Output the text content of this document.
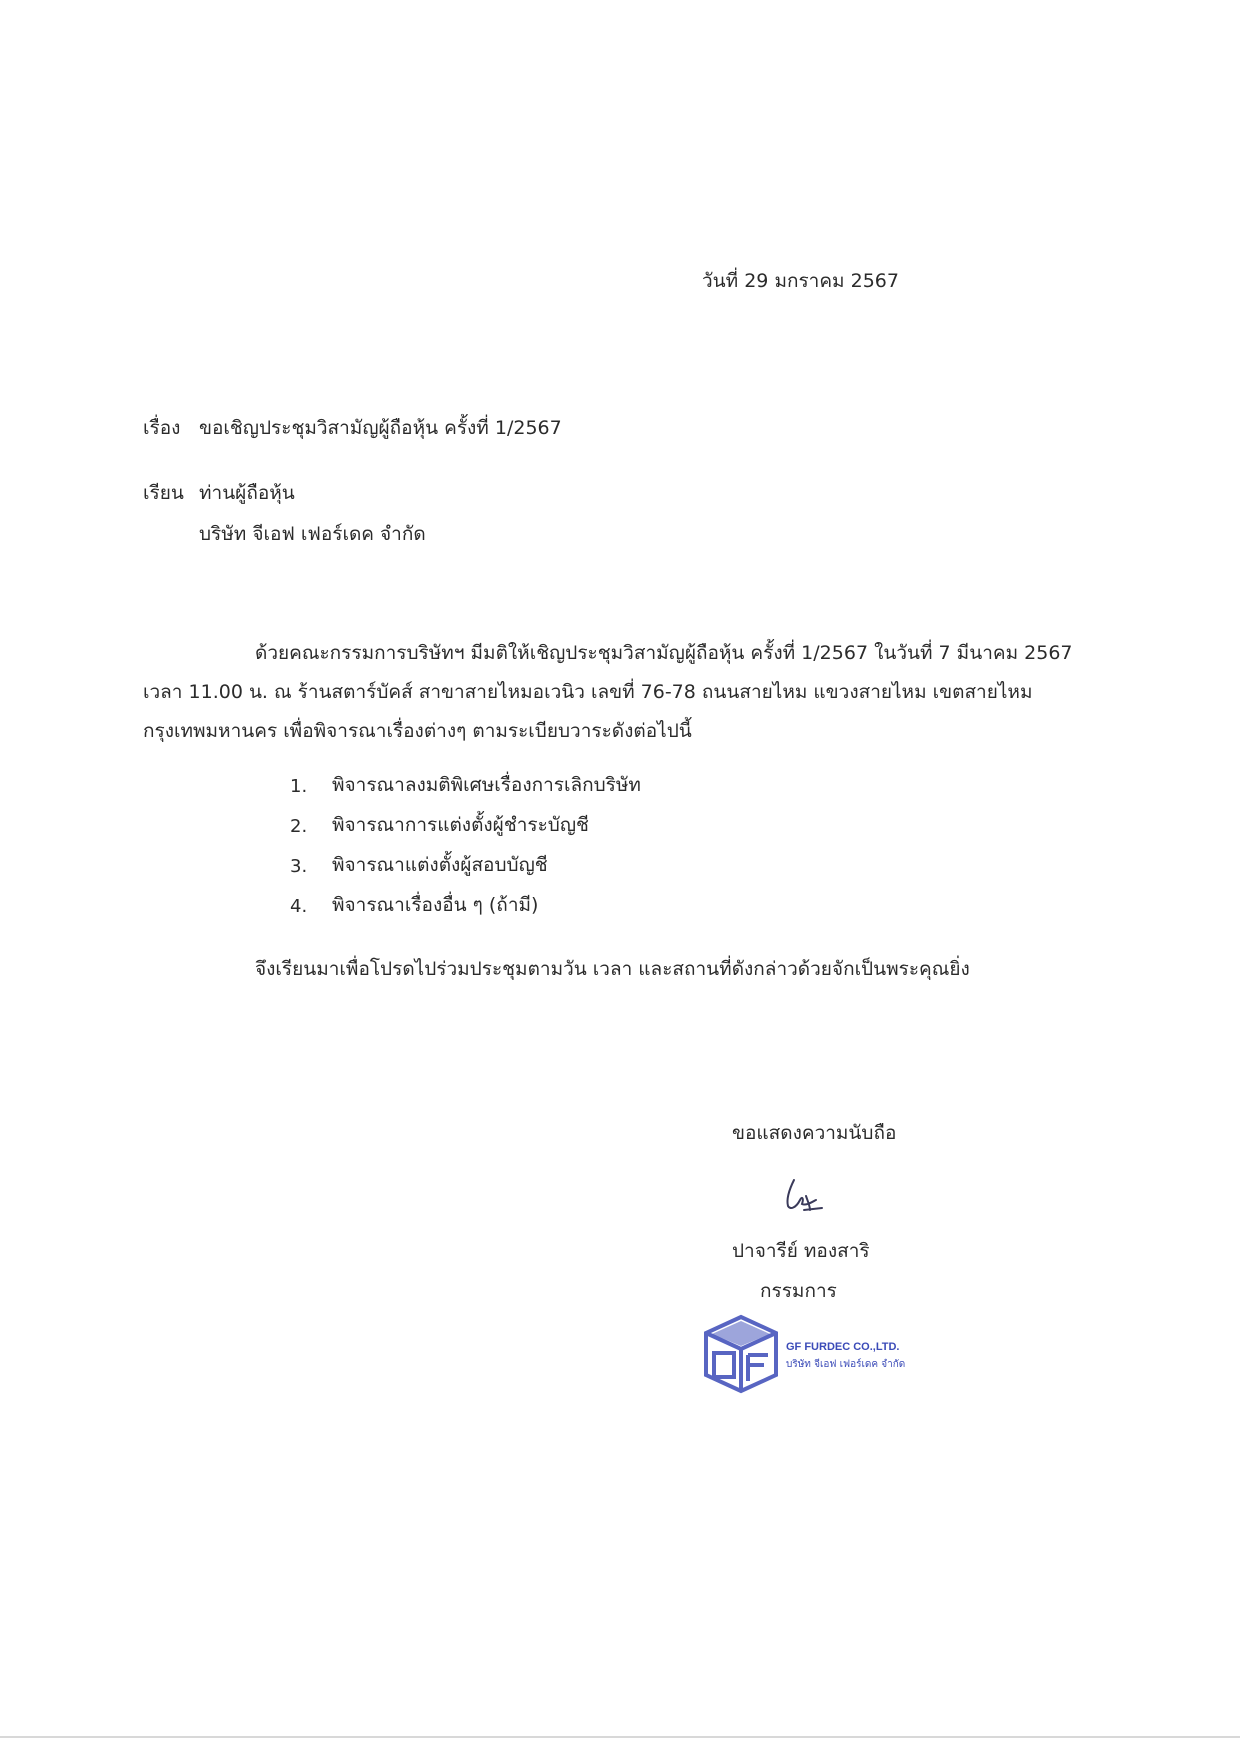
วันที่ 29 มกราคม 2567
เรื่อง ขอเชิญประชุมวิสามัญผู้ถือหุ้น ครั้งที่ 1/2567
เรียน ท่านผู้ถือหุ้น
บริษัท จีเอฟ เฟอร์เดค จำกัด
ด้วยคณะกรรมการบริษัทฯ มีมติให้เชิญประชุมวิสามัญผู้ถือหุ้น ครั้งที่ 1/2567 ในวันที่ 7 มีนาคม 2567
เวลา 11.00 น. ณ ร้านสตาร์บัคส์ สาขาสายไหมอเวนิว เลขที่ 76-78 ถนนสายไหม แขวงสายไหม เขตสายไหม
กรุงเทพมหานคร เพื่อพิจารณาเรื่องต่างๆ ตามระเบียบวาระดังต่อไปนี้
1. พิจารณาลงมติพิเศษเรื่องการเลิกบริษัท
2. พิจารณาการแต่งตั้งผู้ชำระบัญชี
3. พิจารณาแต่งตั้งผู้สอบบัญชี
4. พิจารณาเรื่องอื่น ๆ (ถ้ามี)
จึงเรียนมาเพื่อโปรดไปร่วมประชุมตามวัน เวลา และสถานที่ดังกล่าวด้วยจักเป็นพระคุณยิ่ง
ขอแสดงความนับถือ
ปาจารีย์ ทองสาริ
กรรมการ
GF FURDEC CO.,LTD.
บริษัท จีเอฟ เฟอร์เดค จำกัด
